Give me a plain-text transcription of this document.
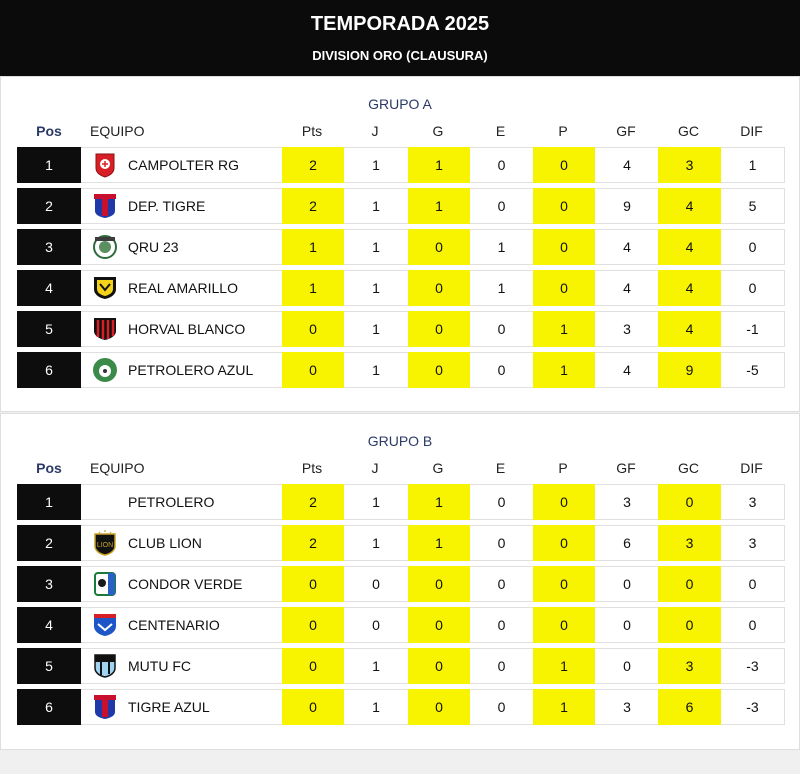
TEMPORADA 2025
DIVISION ORO (CLAUSURA)
GRUPO A
Pos	EQUIPO	Pts	J	G	E	P	GF	GC	DIF
1	CAMPOLTER RG	2	1	1	0	0	4	3	1
2	DEP. TIGRE	2	1	1	0	0	9	4	5
3	QRU 23	1	1	0	1	0	4	4	0
4	REAL AMARILLO	1	1	0	1	0	4	4	0
5	HORVAL BLANCO	0	1	0	0	1	3	4	-1
6	PETROLERO AZUL	0	1	0	0	1	4	9	-5
GRUPO B
Pos	EQUIPO	Pts	J	G	E	P	GF	GC	DIF
1	PETROLERO	2	1	1	0	0	3	0	3
2	LION CLUB LION	2	1	1	0	0	6	3	3
3	CONDOR VERDE	0	0	0	0	0	0	0	0
4	CENTENARIO	0	0	0	0	0	0	0	0
5	MUTU FC	0	1	0	0	1	0	3	-3
6	TIGRE AZUL	0	1	0	0	1	3	6	-3
